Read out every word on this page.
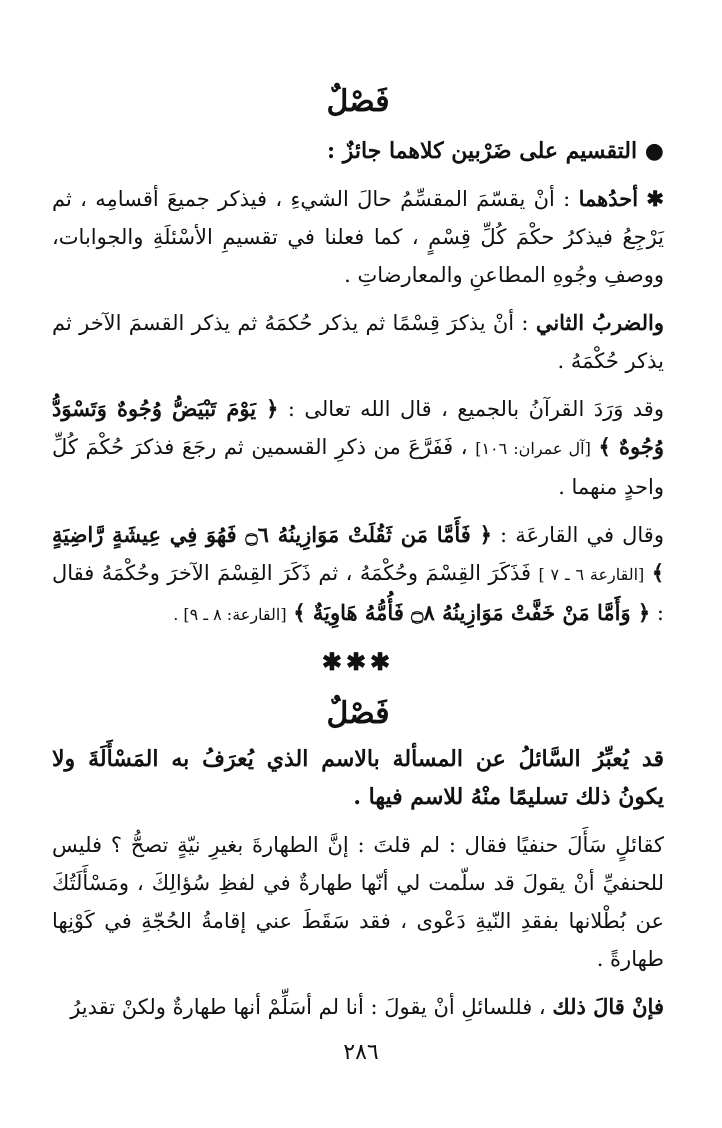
فَصْلٌ

● التقسيم على ضَرْبين كلاهما جائزٌ :

✱ أحدُهما : أنْ يقسّمَ المقسِّمُ حالَ الشيءِ ، فيذكر جميعَ أقسامِه ، ثم يَرْجِعُ فيذكرُ حكْمَ كُلِّ قِسْمٍ ، كما فعلنا في تقسيمِ الأسْئلَةِ والجوابات، ووصفِ وجُوهِ المطاعنِ والمعارضاتِ .

والضربُ الثاني : أنْ يذكرَ قِسْمًا ثم يذكر حُكمَهُ ثم يذكر القسمَ الآخر ثم يذكر حُكْمَهُ .

وقد وَرَدَ القرآنُ بالجميع ، قال الله تعالى : ﴿ يَوْمَ تَبْيَضُّ وُجُوهٌ وَتَسْوَدُّ وُجُوهٌ ﴾ [آل عمران: ١٠٦] ، فَفَرَّعَ من ذكرِ القسمين ثم رجَعَ فذكرَ حُكْمَ كُلِّ واحدٍ منهما .

وقال في القارعَة : ﴿ فَأَمَّا مَن ثَقُلَتْ مَوَازِينُهُ ۝٦ فَهُوَ فِي عِيشَةٍ رَّاضِيَةٍ ﴾ [القارعة ٦ ـ ٧ ] فَذَكَرَ القِسْمَ وحُكْمَهُ ، ثم ذَكَرَ القِسْمَ الآخرَ وحُكْمَهُ فقال : ﴿ وَأَمَّا مَنْ خَفَّتْ مَوَازِينُهُ ۝٨ فَأُمُّهُ هَاوِيَةٌ ﴾ [القارعة: ٨ ـ ٩] .

✱✱✱
فَصْلٌ

قد يُعبِّرُ السَّائلُ عن المسألة بالاسم الذي يُعرَفُ به المَسْأَلَةَ ولا يكونُ ذلك تسليمًا منْهُ للاسم فيها .

كقائلٍ سَأَلَ حنفيًا فقال : لم قلتَ : إنَّ الطهارةَ بغيرِ نيّةٍ تصحُّ ؟ فليس للحنفيِّ أنْ يقولَ قد سلّمت لي أنّها طهارةٌ في لفظِ سُؤالِكَ ، ومَسْأَلَتُكَ عن بُطْلانها بفقدِ النّيةِ دَعْوى ، فقد سَقَطَ عني إقامةُ الحُجّةِ في كَوْنِها طهارةً .

فإنْ قالَ ذلك ، فللسائلِ أنْ يقولَ : أنا لم أسَلِّمْ أنها طهارةٌ ولكنْ تقديرُ

٢٨٦
